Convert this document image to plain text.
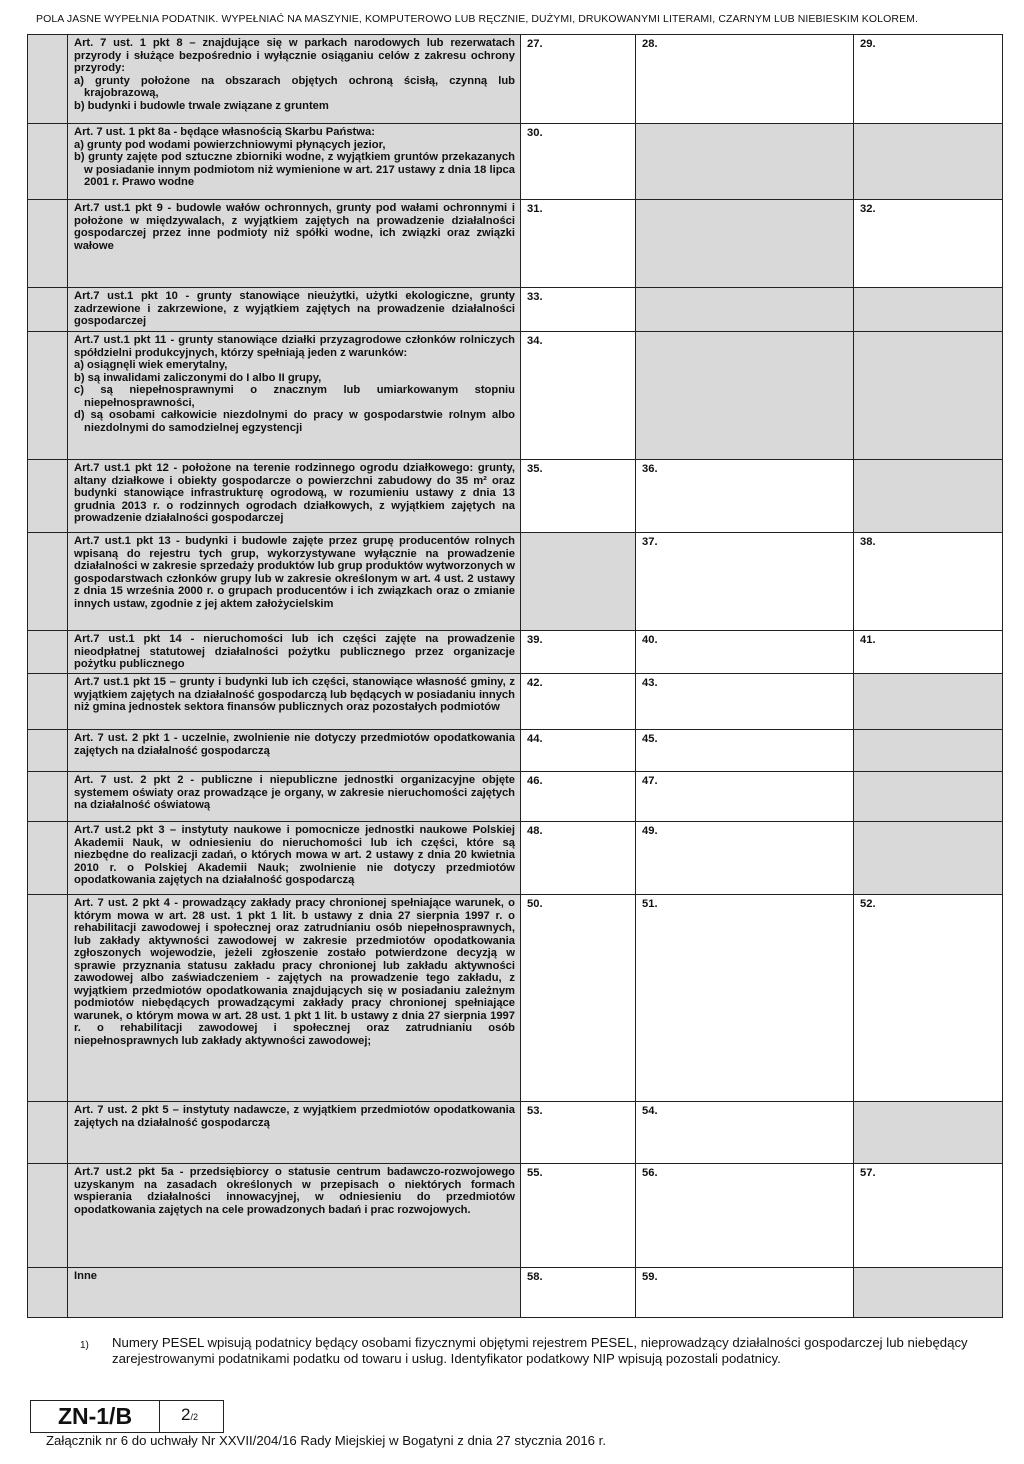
POLA JASNE WYPEŁNIA PODATNIK. WYPEŁNIAĆ NA MASZYNIE, KOMPUTEROWO LUB RĘCZNIE, DUŻYMI, DRUKOWANYMI LITERAMI, CZARNYM LUB NIEBIESKIM KOLOREM.

	Art. 7 ust. 1 pkt 8 – znajdujące się w parkach narodowych lub rezerwatach przyrody i służące bezpośrednio i wyłącznie osiąganiu celów z zakresu ochrony przyrody:
a) grunty położone na obszarach objętych ochroną ścisłą, czynną lub krajobrazową,
b) budynki i budowle trwale związane z gruntem	27.	28.	29.

	Art. 7 ust. 1 pkt 8a - będące własnością Skarbu Państwa:
a) grunty pod wodami powierzchniowymi płynących jezior,
b) grunty zajęte pod sztuczne zbiorniki wodne, z wyjątkiem gruntów przekazanych w posiadanie innym podmiotom niż wymienione w art. 217 ustawy z dnia 18 lipca 2001 r. Prawo wodne	30.		

	Art.7 ust.1 pkt 9 - budowle wałów ochronnych, grunty pod wałami ochronnymi i położone w międzywalach, z wyjątkiem zajętych na prowadzenie działalności gospodarczej przez inne podmioty niż spółki wodne, ich związki oraz związki wałowe	31.		32.

	Art.7 ust.1 pkt 10 - grunty stanowiące nieużytki, użytki ekologiczne, grunty zadrzewione i zakrzewione, z wyjątkiem zajętych na prowadzenie działalności gospodarczej	33.		

	Art.7 ust.1 pkt 11 - grunty stanowiące działki przyzagrodowe członków rolniczych spółdzielni produkcyjnych, którzy spełniają jeden z warunków:
a) osiągnęli wiek emerytalny,
b) są inwalidami zaliczonymi do I albo II grupy,
c) są niepełnosprawnymi o znacznym lub umiarkowanym stopniu niepełnosprawności,
d) są osobami całkowicie niezdolnymi do pracy w gospodarstwie rolnym albo niezdolnymi do samodzielnej egzystencji	34.		

	Art.7 ust.1 pkt 12 - położone na terenie rodzinnego ogrodu działkowego: grunty, altany działkowe i obiekty gospodarcze o powierzchni zabudowy do 35 m² oraz budynki stanowiące infrastrukturę ogrodową, w rozumieniu ustawy z dnia 13 grudnia 2013 r. o rodzinnych ogrodach działkowych, z wyjątkiem zajętych na prowadzenie działalności gospodarczej	35.	36.	

	Art.7 ust.1 pkt 13 - budynki i budowle zajęte przez grupę producentów rolnych wpisaną do rejestru tych grup, wykorzystywane wyłącznie na prowadzenie działalności w zakresie sprzedaży produktów lub grup produktów wytworzonych w gospodarstwach członków grupy lub w zakresie określonym w art. 4 ust. 2 ustawy z dnia 15 września 2000 r. o grupach producentów i ich związkach oraz o zmianie innych ustaw, zgodnie z jej aktem założycielskim		37.	38.

	Art.7 ust.1 pkt 14 - nieruchomości lub ich części zajęte na prowadzenie nieodpłatnej statutowej działalności pożytku publicznego przez organizacje pożytku publicznego	39.	40.	41.

	Art.7 ust.1 pkt 15 – grunty i budynki lub ich części, stanowiące własność gminy, z wyjątkiem zajętych na działalność gospodarczą lub będących w posiadaniu innych niż gmina jednostek sektora finansów publicznych oraz pozostałych podmiotów	42.	43.	

	Art. 7 ust. 2 pkt 1 - uczelnie, zwolnienie nie dotyczy przedmiotów opodatkowania zajętych na działalność gospodarczą	44.	45.	

	Art. 7 ust. 2 pkt 2 - publiczne i niepubliczne jednostki organizacyjne objęte systemem oświaty oraz prowadzące je organy, w zakresie nieruchomości zajętych na działalność oświatową	46.	47.	

	Art.7 ust.2 pkt 3 – instytuty naukowe i pomocnicze jednostki naukowe Polskiej Akademii Nauk, w odniesieniu do nieruchomości lub ich części, które są niezbędne do realizacji zadań, o których mowa w art. 2 ustawy z dnia 20 kwietnia 2010 r. o Polskiej Akademii Nauk; zwolnienie nie dotyczy przedmiotów opodatkowania zajętych na działalność gospodarczą	48.	49.	

	Art. 7 ust. 2 pkt 4 - prowadzący zakłady pracy chronionej spełniające warunek, o którym mowa w art. 28 ust. 1 pkt 1 lit. b ustawy z dnia 27 sierpnia 1997 r. o rehabilitacji zawodowej i społecznej oraz zatrudnianiu osób niepełnosprawnych, lub zakłady aktywności zawodowej w zakresie przedmiotów opodatkowania zgłoszonych wojewodzie, jeżeli zgłoszenie zostało potwierdzone decyzją w sprawie przyznania statusu zakładu pracy chronionej lub zakładu aktywności zawodowej albo zaświadczeniem - zajętych na prowadzenie tego zakładu, z wyjątkiem przedmiotów opodatkowania znajdujących się w posiadaniu zależnym podmiotów niebędących prowadzącymi zakłady pracy chronionej spełniające warunek, o którym mowa w art. 28 ust. 1 pkt 1 lit. b ustawy z dnia 27 sierpnia 1997 r. o rehabilitacji zawodowej i społecznej oraz zatrudnianiu osób niepełnosprawnych lub zakłady aktywności zawodowej;	50.	51.	52.

	Art. 7 ust. 2 pkt 5 – instytuty nadawcze, z wyjątkiem przedmiotów opodatkowania zajętych na działalność gospodarczą	53.	54.	

	Art.7 ust.2 pkt 5a - przedsiębiorcy o statusie centrum badawczo-rozwojowego uzyskanym na zasadach określonych w przepisach o niektórych formach wspierania działalności innowacyjnej, w odniesieniu do przedmiotów opodatkowania zajętych na cele prowadzonych badań i prac rozwojowych.	55.	56.	57.

	Inne	58.	59.	
1) Numery PESEL wpisują podatnicy będący osobami fizycznymi objętymi rejestrem PESEL, nieprowadzący działalności gospodarczej lub niebędący zarejestrowanymi podatnikami podatku od towaru i usług. Identyfikator podatkowy NIP wpisują pozostali podatnicy.
ZN-1/B	2/2
Załącznik nr 6 do uchwały Nr XXVII/204/16 Rady Miejskiej w Bogatyni z dnia 27 stycznia 2016 r.
